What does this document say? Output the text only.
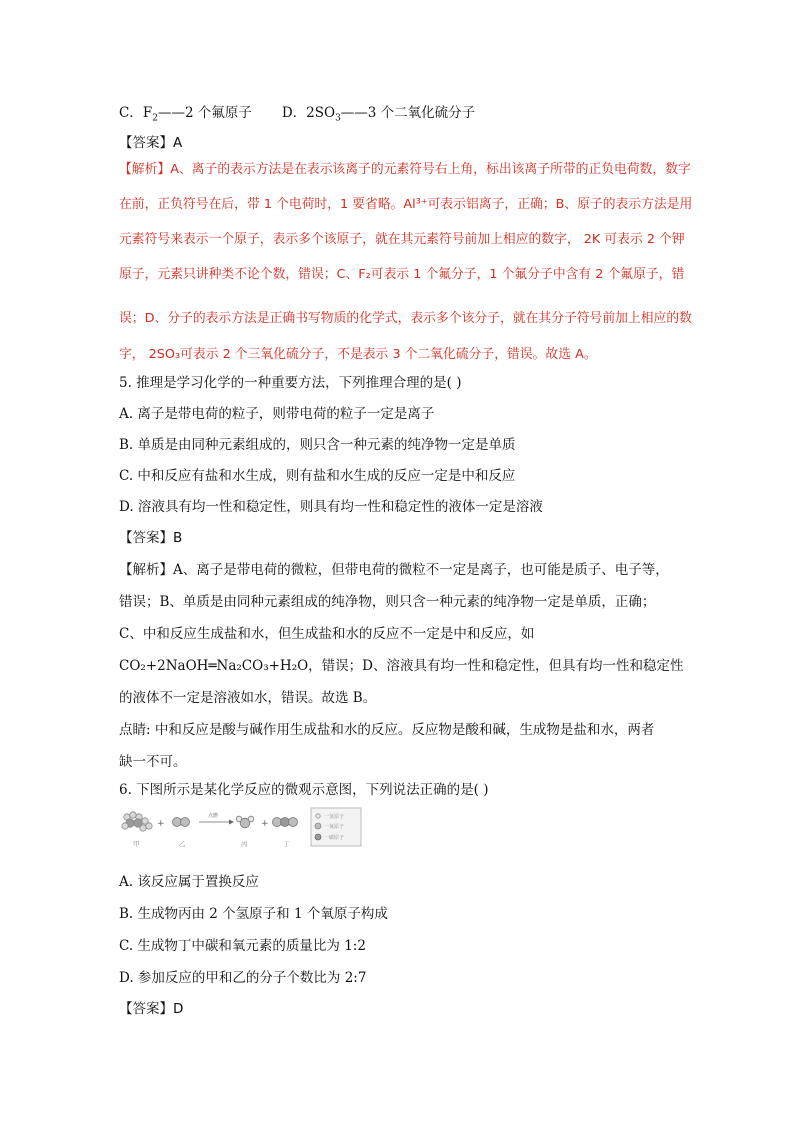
C．$F_2——2$ 个氟原子 D．$2SO_3——3$ 个二氧化硫分子
【答案】A
【解析】A、离子的表示方法是在表示该离子的元素符号右上角，标出该离子所带的正负电荷数，数字
在前，正负符号在后，带 1 个电荷时，1 要省略。Al³⁺可表示铝离子，正确；B、原子的表示方法是用
元素符号来表示一个原子，表示多个该原子，就在其元素符号前加上相应的数字， 2K 可表示 2 个钾
原子，元素只讲种类不论个数，错误；C、F₂可表示 1 个氟分子，1 个氟分子中含有 2 个氟原子，错
误；D、分子的表示方法是正确书写物质的化学式，表示多个该分子，就在其分子符号前加上相应的数
字， 2SO₃可表示 2 个三氧化硫分子，不是表示 3 个二氧化硫分子，错误。故选 A。
5. 推理是学习化学的一种重要方法，下列推理合理的是( )
A. 离子是带电荷的粒子，则带电荷的粒子一定是离子
B. 单质是由同种元素组成的，则只含一种元素的纯净物一定是单质
C. 中和反应有盐和水生成，则有盐和水生成的反应一定是中和反应
D. 溶液具有均一性和稳定性，则具有均一性和稳定性的液体一定是溶液
【答案】B
【解析】A、离子是带电荷的微粒，但带电荷的微粒不一定是离子，也可能是质子、电子等，
错误；B、单质是由同种元素组成的纯净物，则只含一种元素的纯净物一定是单质，正确；
C、中和反应生成盐和水，但生成盐和水的反应不一定是中和反应，如
CO₂+2NaOH═Na₂CO₃+H₂O，错误；D、溶液具有均一性和稳定性，但具有均一性和稳定性
的液体不一定是溶液如水，错误。故选 B。
点睛: 中和反应是酸与碱作用生成盐和水的反应。反应物是酸和碱，生成物是盐和水，两者
缺一不可。
6. 下图所示是某化学反应的微观示意图，下列说法正确的是( )
+
点燃
+
甲	乙	丙	丁
一氢原子
一氧原子
一碳原子
A. 该反应属于置换反应
B. 生成物丙由 2 个氢原子和 1 个氧原子构成
C. 生成物丁中碳和氧元素的质量比为 1:2
D. 参加反应的甲和乙的分子个数比为 2:7
【答案】D
